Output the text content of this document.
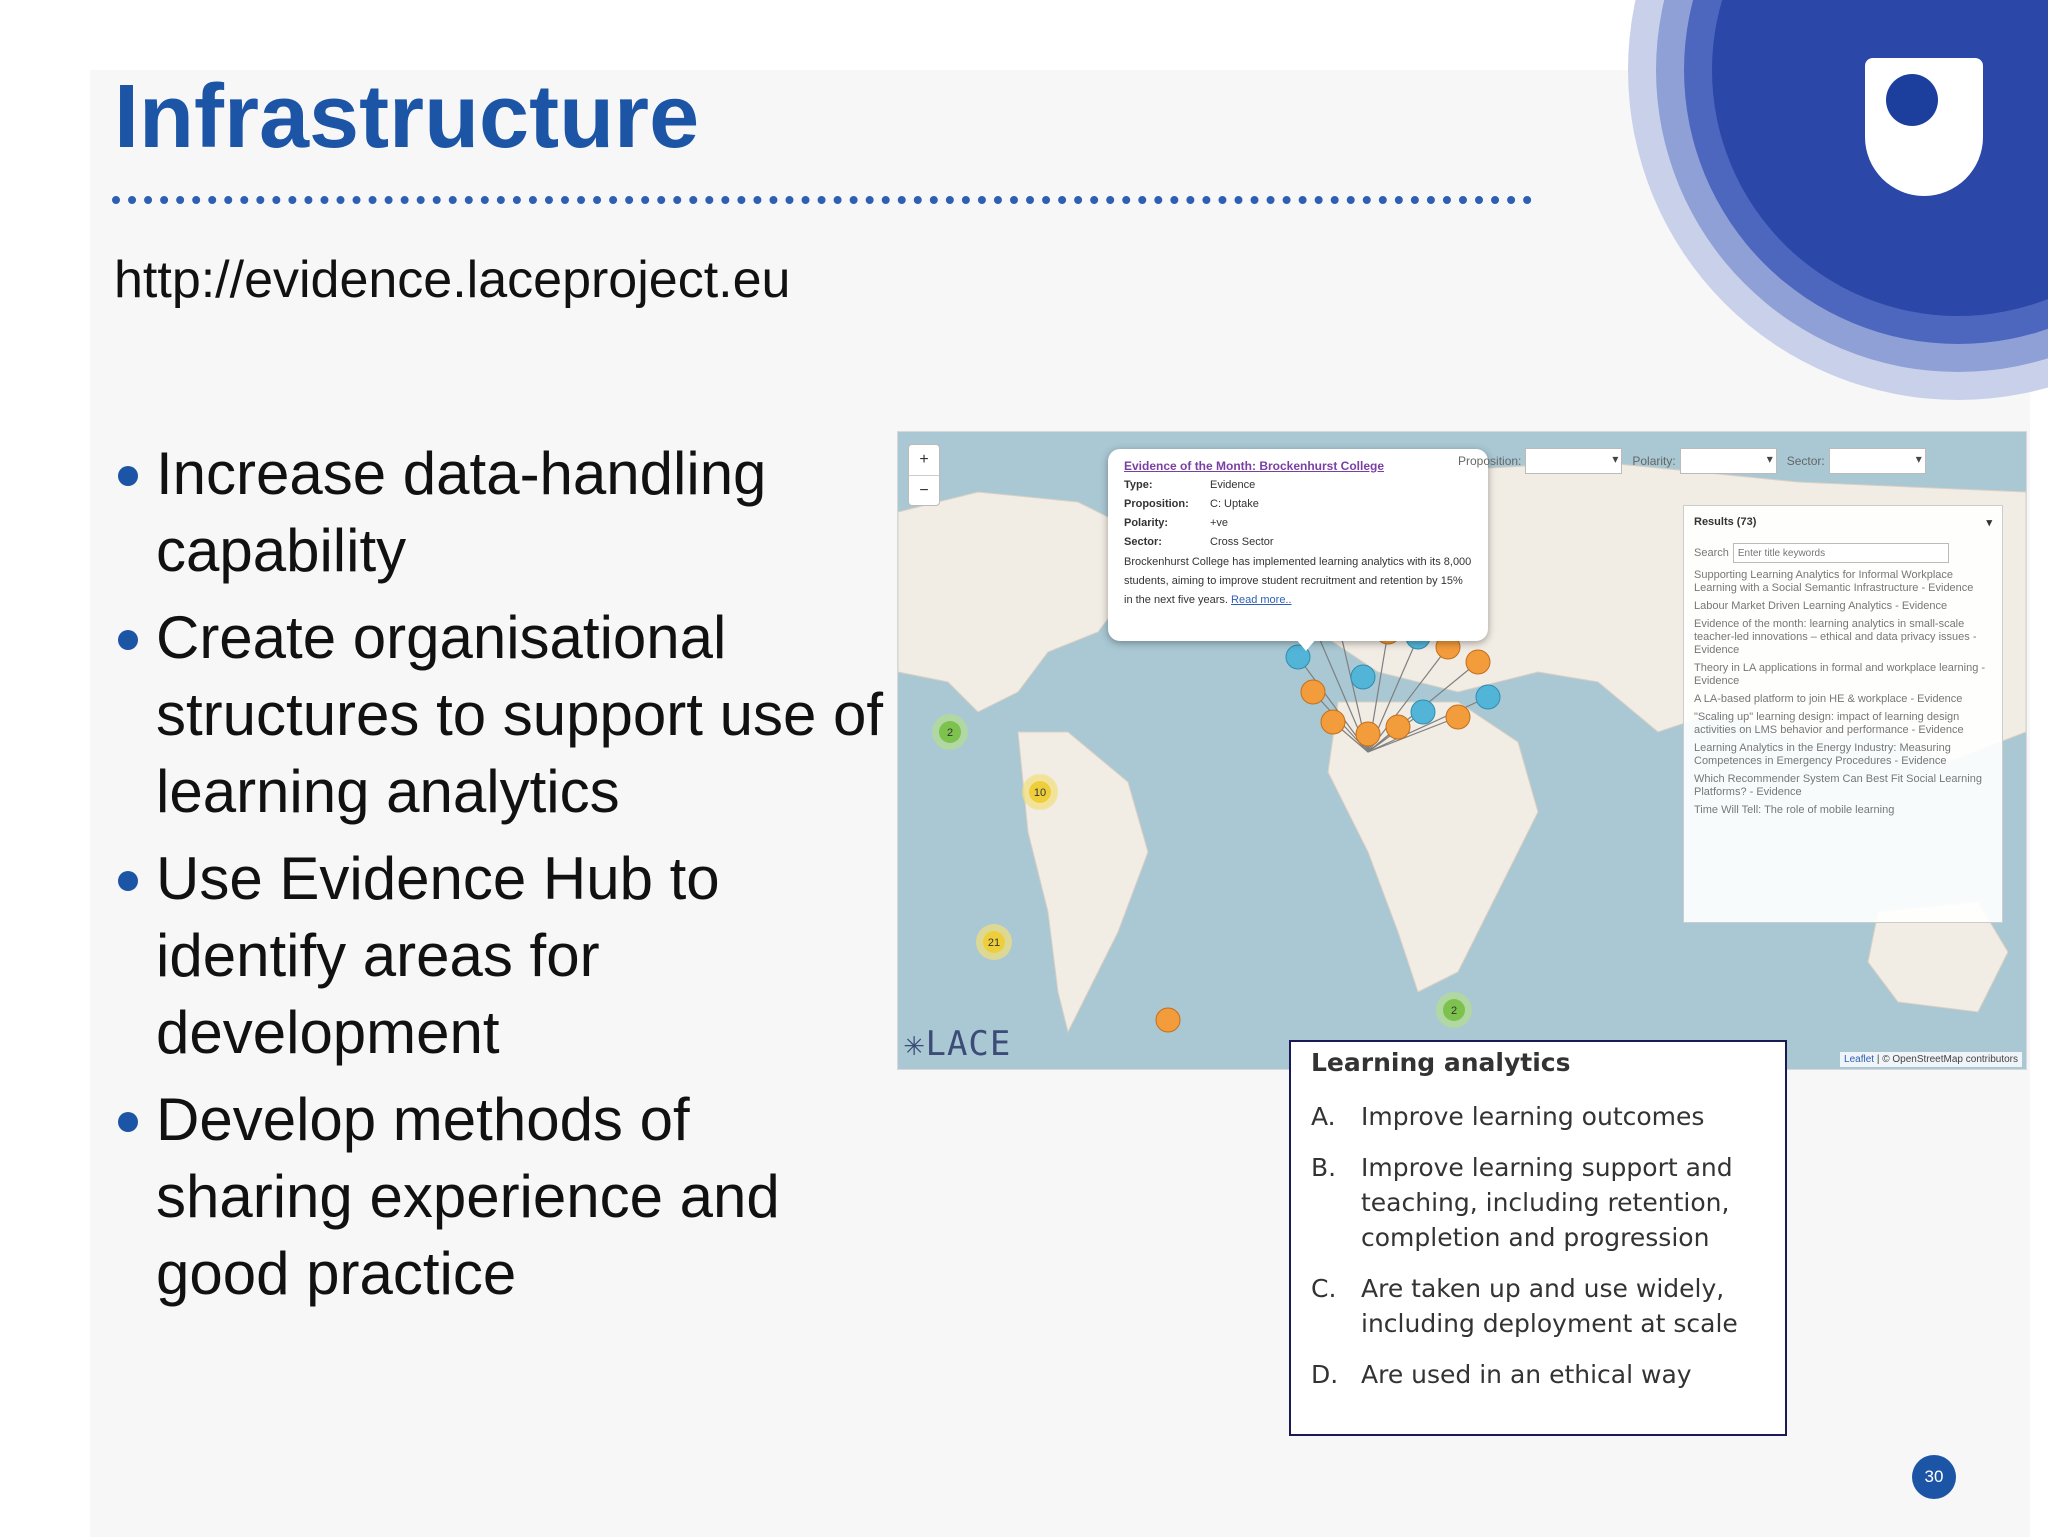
Infrastructure
http://evidence.laceproject.eu
Increase data-handling capability
Create organisational structures to support use of learning analytics
Use Evidence Hub to identify areas for development
Develop methods of sharing experience and good practice
2
10
21
2
+
−
Evidence of the Month: Brockenhurst College
Type:	Evidence
Proposition:	C: Uptake
Polarity:	+ve
Sector:	Cross Sector
Brockenhurst College has implemented learning analytics with its 8,000 students, aiming to improve student recruitment and retention by 15% in the next five years. Read more..
Proposition: ▾	Polarity: ▾	Sector:
▾
Results (73)	▾
Search
Enter title keywords
Supporting Learning Analytics for Informal Workplace Learning with a Social Semantic Infrastructure - Evidence
Labour Market Driven Learning Analytics - Evidence
Evidence of the month: learning analytics in small-scale teacher-led innovations – ethical and data privacy issues - Evidence
Theory in LA applications in formal and workplace learning - Evidence
A LA-based platform to join HE & workplace - Evidence
"Scaling up" learning design: impact of learning design activities on LMS behavior and performance - Evidence
Learning Analytics in the Energy Industry: Measuring Competences in Emergency Procedures - Evidence
Which Recommender System Can Best Fit Social Learning Platforms? - Evidence
Time Will Tell: The role of mobile learning
✳LACE	Leaflet | © OpenStreetMap contributors
Learning analytics
A.	Improve learning outcomes
B. Improve learning support and teaching, including retention, completion and progression
C. Are taken up and use widely, including deployment at scale
D. Are used in an ethical way
30
